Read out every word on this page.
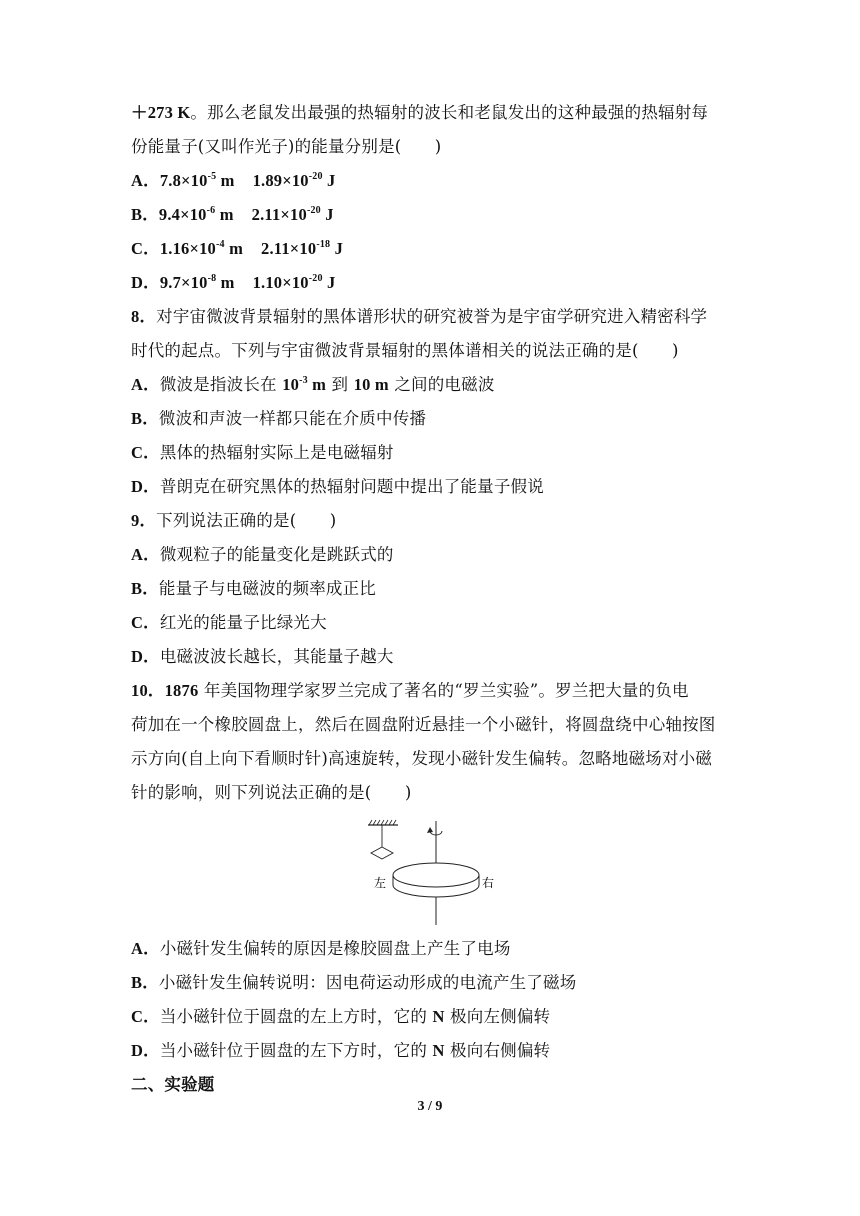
＋273 K。那么老鼠发出最强的热辐射的波长和老鼠发出的这种最强的热辐射每
份能量子(又叫作光子)的能量分别是(　　)
A．$7.8\times 10^{-5}$ m $1.89\times 10^{-20}$ J
B．$9.4\times 10^{-6}$ m $2.11\times 10^{-20}$ J
C．$1.16\times 10^{-4}$ m $2.11\times 10^{-18}$ J
D．$9.7\times 10^{-8}$ m $1.10\times 10^{-20}$ J
8．对宇宙微波背景辐射的黑体谱形状的研究被誉为是宇宙学研究进入精密科学
时代的起点。下列与宇宙微波背景辐射的黑体谱相关的说法正确的是(　　)
A．微波是指波长在 $10^{-3}$ m 到 10 m 之间的电磁波
B．微波和声波一样都只能在介质中传播
C．黑体的热辐射实际上是电磁辐射
D．普朗克在研究黑体的热辐射问题中提出了能量子假说
9．下列说法正确的是(　　)
A．微观粒子的能量变化是跳跃式的
B．能量子与电磁波的频率成正比
C．红光的能量子比绿光大
D．电磁波波长越长，其能量子越大
10．1876 年美国物理学家罗兰完成了著名的“罗兰实验”。罗兰把大量的负电
荷加在一个橡胶圆盘上，然后在圆盘附近悬挂一个小磁针，将圆盘绕中心轴按图
示方向(自上向下看顺时针)高速旋转，发现小磁针发生偏转。忽略地磁场对小磁
针的影响，则下列说法正确的是(　　)
左	右
A．小磁针发生偏转的原因是橡胶圆盘上产生了电场
B．小磁针发生偏转说明：因电荷运动形成的电流产生了磁场
C．当小磁针位于圆盘的左上方时，它的 N 极向左侧偏转
D．当小磁针位于圆盘的左下方时，它的 N 极向右侧偏转
二、实验题
3 / 9
